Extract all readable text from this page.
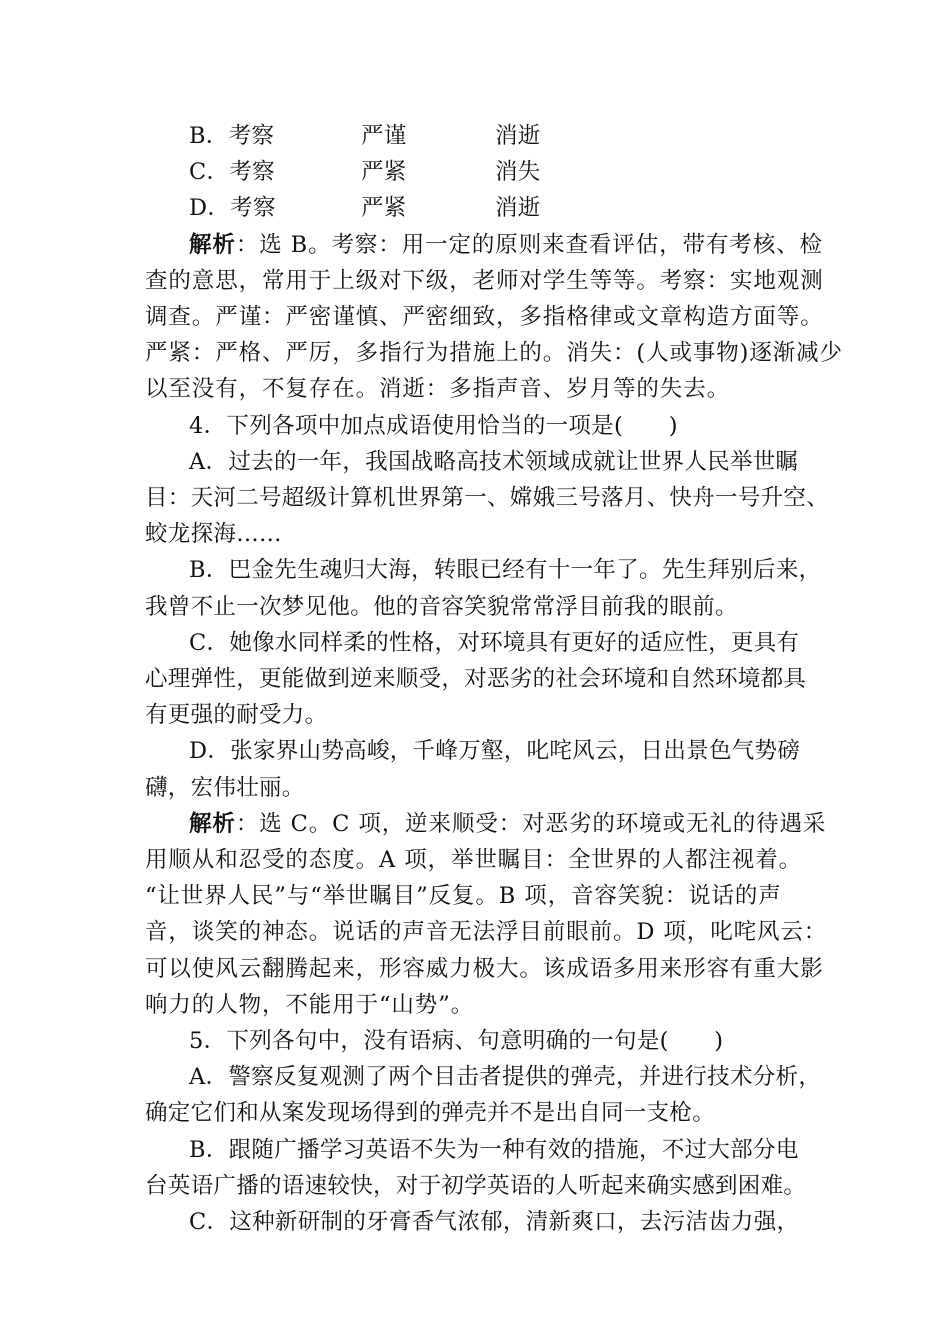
B．考察	严谨	消逝
C．考察	严紧	消失
D．考察	严紧	消逝
解析：选 B。考察：用一定的原则来查看评估，带有考核、检
查的意思，常用于上级对下级，老师对学生等等。考察：实地观测
调查。严谨：严密谨慎、严密细致，多指格律或文章构造方面等。
严紧：严格、严厉，多指行为措施上的。消失：(人或事物)逐渐减少
以至没有，不复存在。消逝：多指声音、岁月等的失去。
4．下列各项中加点成语使用恰当的一项是(　　)
A．过去的一年，我国战略高技术领域成就让世界人民举世瞩
目：天河二号超级计算机世界第一、嫦娥三号落月、快舟一号升空、
蛟龙探海……
B．巴金先生魂归大海，转眼已经有十一年了。先生拜别后来，
我曾不止一次梦见他。他的音容笑貌常常浮目前我的眼前。
C．她像水同样柔的性格，对环境具有更好的适应性，更具有
心理弹性，更能做到逆来顺受，对恶劣的社会环境和自然环境都具
有更强的耐受力。
D．张家界山势高峻，千峰万壑，叱咤风云，日出景色气势磅
礴，宏伟壮丽。
解析：选 C。C 项，逆来顺受：对恶劣的环境或无礼的待遇采
用顺从和忍受的态度。A 项，举世瞩目：全世界的人都注视着。
“让世界人民”与“举世瞩目”反复。B 项，音容笑貌：说话的声
音，谈笑的神态。说话的声音无法浮目前眼前。D 项，叱咤风云：
可以使风云翻腾起来，形容威力极大。该成语多用来形容有重大影
响力的人物，不能用于“山势”。
5．下列各句中，没有语病、句意明确的一句是(　　)
A．警察反复观测了两个目击者提供的弹壳，并进行技术分析，
确定它们和从案发现场得到的弹壳并不是出自同一支枪。
B．跟随广播学习英语不失为一种有效的措施，不过大部分电
台英语广播的语速较快，对于初学英语的人听起来确实感到困难。
C．这种新研制的牙膏香气浓郁，清新爽口，去污洁齿力强，
